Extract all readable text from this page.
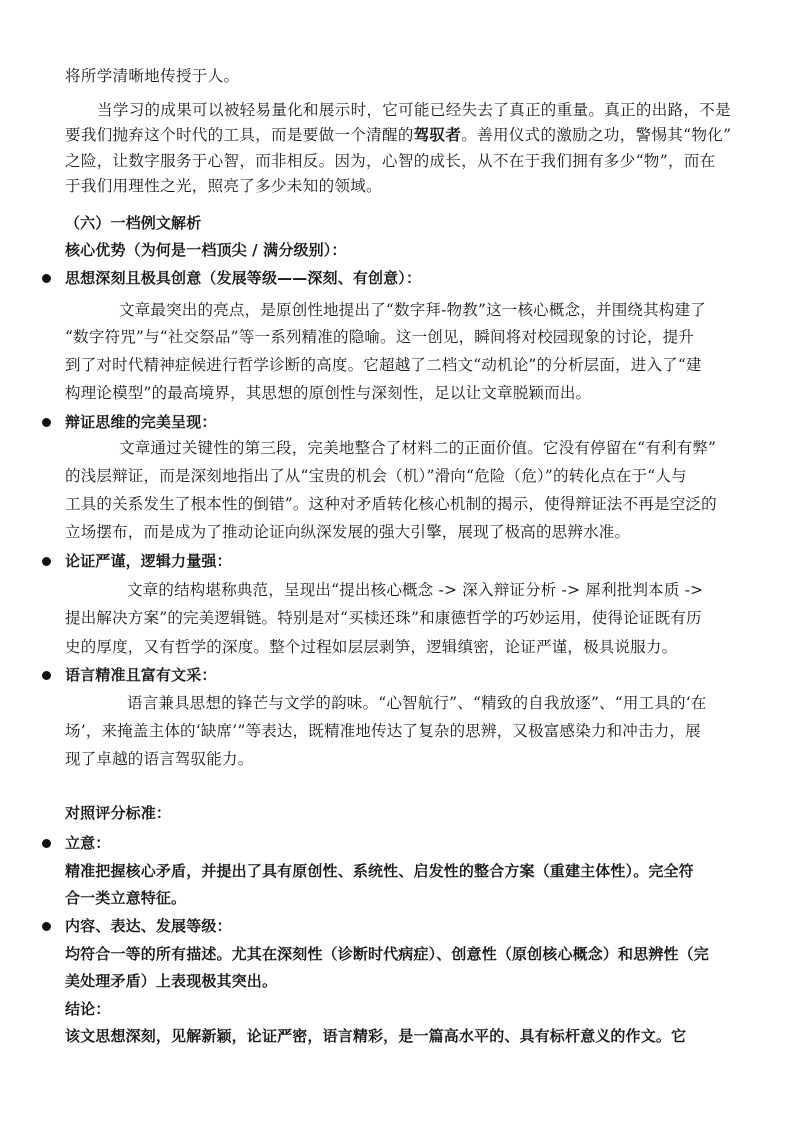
将所学清晰地传授于人。
当学习的成果可以被轻易量化和展示时，它可能已经失去了真正的重量。真正的出路，不是
要我们抛弃这个时代的工具，而是要做一个清醒的驾驭者。善用仪式的激励之功，警惕其“物化”
之险，让数字服务于心智，而非相反。因为，心智的成长，从不在于我们拥有多少“物”，而在
于我们用理性之光，照亮了多少未知的领域。
（六）一档例文解析
核心优势（为何是一档顶尖 / 满分级别）：
思想深刻且极具创意（发展等级——深刻、有创意）：
文章最突出的亮点，是原创性地提出了“数字拜-物教”这一核心概念，并围绕其构建了
“数字符咒”与“社交祭品”等一系列精准的隐喻。这一创见，瞬间将对校园现象的讨论，提升
到了对时代精神症候进行哲学诊断的高度。它超越了二档文“动机论”的分析层面，进入了“建
构理论模型”的最高境界，其思想的原创性与深刻性，足以让文章脱颖而出。
辩证思维的完美呈现：
文章通过关键性的第三段，完美地整合了材料二的正面价值。它没有停留在“有利有弊”
的浅层辩证，而是深刻地指出了从“宝贵的机会（机）”滑向“危险（危）”的转化点在于“人与
工具的关系发生了根本性的倒错”。这种对矛盾转化核心机制的揭示，使得辩证法不再是空泛的
立场摆布，而是成为了推动论证向纵深发展的强大引擎，展现了极高的思辨水准。
论证严谨，逻辑力量强：
文章的结构堪称典范，呈现出“提出核心概念 -> 深入辩证分析 -> 犀利批判本质 ->
提出解决方案”的完美逻辑链。特别是对“买椟还珠”和康德哲学的巧妙运用，使得论证既有历
史的厚度，又有哲学的深度。整个过程如层层剥笋，逻辑缜密，论证严谨，极具说服力。
语言精准且富有文采：
语言兼具思想的锋芒与文学的韵味。“心智航行”、“精致的自我放逐”、“用工具的‘在
场’，来掩盖主体的‘缺席’”等表达，既精准地传达了复杂的思辨，又极富感染力和冲击力，展
现了卓越的语言驾驭能力。
对照评分标准：
立意：
精准把握核心矛盾，并提出了具有原创性、系统性、启发性的整合方案（重建主体性）。完全符
合一类立意特征。
内容、表达、发展等级：
均符合一等的所有描述。尤其在深刻性（诊断时代病症）、创意性（原创核心概念）和思辨性（完
美处理矛盾）上表现极其突出。
结论：
该文思想深刻，见解新颖，论证严密，语言精彩，是一篇高水平的、具有标杆意义的作文。它
